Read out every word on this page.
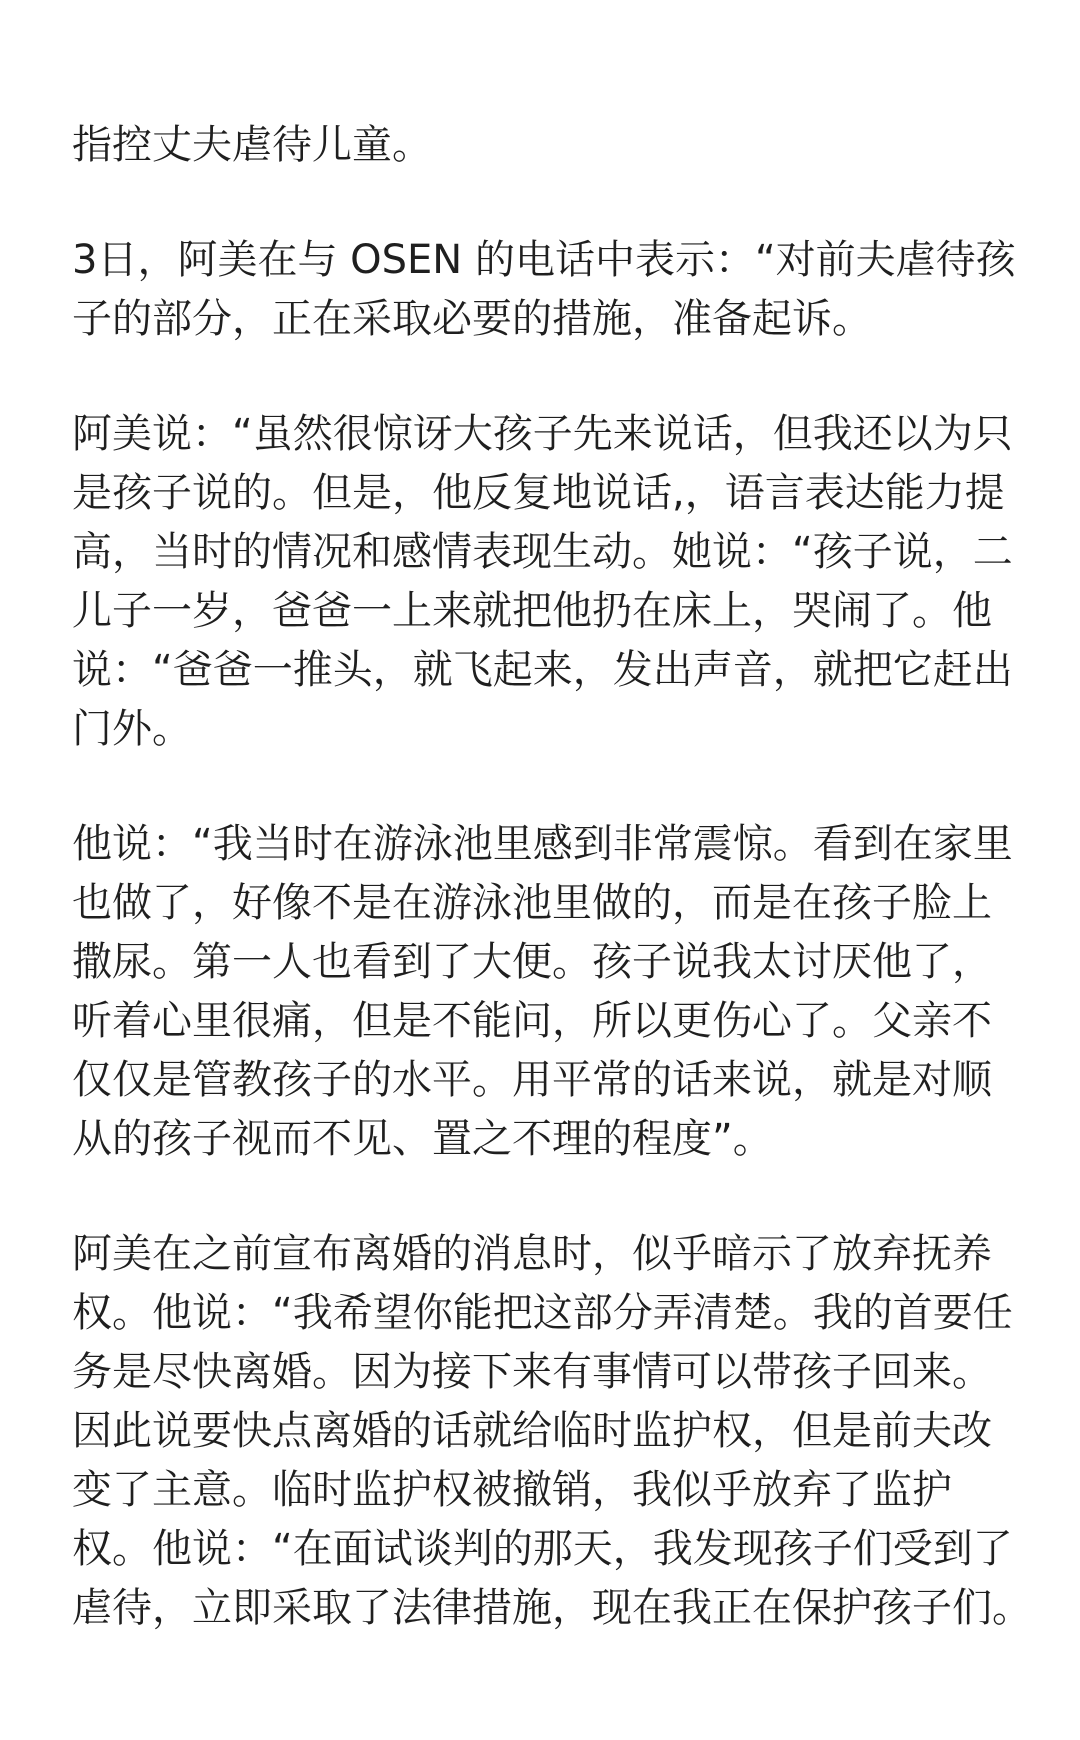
指控丈夫虐待儿童。
3日，阿美在与 OSEN 的电话中表示：“对前夫虐待孩
子的部分，正在采取必要的措施，准备起诉。
阿美说：“虽然很惊讶大孩子先来说话，但我还以为只
是孩子说的。但是，他反复地说话,，语言表达能力提
高，当时的情况和感情表现生动。她说：“孩子说，二
儿子一岁，爸爸一上来就把他扔在床上，哭闹了。他
说：“爸爸一推头，就飞起来，发出声音，就把它赶出
门外。
他说：“我当时在游泳池里感到非常震惊。看到在家里
也做了，好像不是在游泳池里做的，而是在孩子脸上
撒尿。第一人也看到了大便。孩子说我太讨厌他了，
听着心里很痛，但是不能问，所以更伤心了。父亲不
仅仅是管教孩子的水平。用平常的话来说，就是对顺
从的孩子视而不见、置之不理的程度”。
阿美在之前宣布离婚的消息时，似乎暗示了放弃抚养
权。他说：“我希望你能把这部分弄清楚。我的首要任
务是尽快离婚。因为接下来有事情可以带孩子回来。
因此说要快点离婚的话就给临时监护权，但是前夫改
变了主意。临时监护权被撤销，我似乎放弃了监护
权。他说：“在面试谈判的那天，我发现孩子们受到了
虐待，立即采取了法律措施，现在我正在保护孩子们。
